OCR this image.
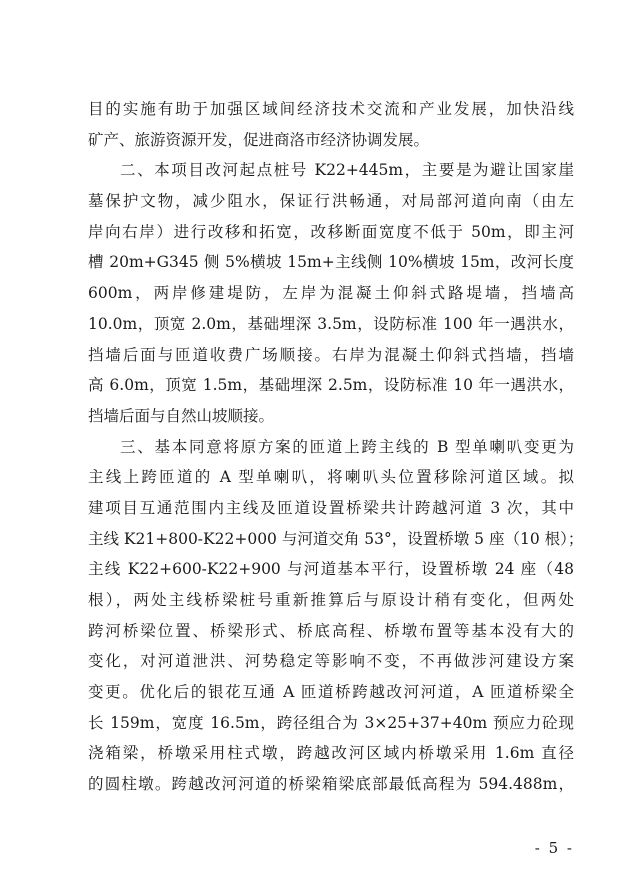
目的实施有助于加强区域间经济技术交流和产业发展，加快沿线
矿产、旅游资源开发，促进商洛市经济协调发展。

二、本项目改河起点桩号 K22+445m，主要是为避让国家崖
墓保护文物，减少阻水，保证行洪畅通，对局部河道向南（由左
岸向右岸）进行改移和拓宽，改移断面宽度不低于 50m，即主河
槽 20m+G345 侧 5%横坡 15m+主线侧 10%横坡 15m，改河长度
600m，两岸修建堤防，左岸为混凝土仰斜式路堤墙，挡墙高
10.0m，顶宽 2.0m，基础埋深 3.5m，设防标准 100 年一遇洪水，
挡墙后面与匝道收费广场顺接。右岸为混凝土仰斜式挡墙，挡墙
高 6.0m，顶宽 1.5m，基础埋深 2.5m，设防标准 10 年一遇洪水，
挡墙后面与自然山坡顺接。

三、基本同意将原方案的匝道上跨主线的 B 型单喇叭变更为
主线上跨匝道的 A 型单喇叭，将喇叭头位置移除河道区域。拟
建项目互通范围内主线及匝道设置桥梁共计跨越河道 3 次，其中
主线 K21+800-K22+000 与河道交角 53°，设置桥墩 5 座（10 根）；
主线 K22+600-K22+900 与河道基本平行，设置桥墩 24 座（48
根），两处主线桥梁桩号重新推算后与原设计稍有变化，但两处
跨河桥梁位置、桥梁形式、桥底高程、桥墩布置等基本没有大的
变化，对河道泄洪、河势稳定等影响不变，不再做涉河建设方案
变更。优化后的银花互通 A 匝道桥跨越改河河道，A 匝道桥梁全
长 159m，宽度 16.5m，跨径组合为 3×25+37+40m 预应力砼现
浇箱梁，桥墩采用柱式墩，跨越改河区域内桥墩采用 1.6m 直径
的圆柱墩。跨越改河河道的桥梁箱梁底部最低高程为 594.488m，

- 5 -
